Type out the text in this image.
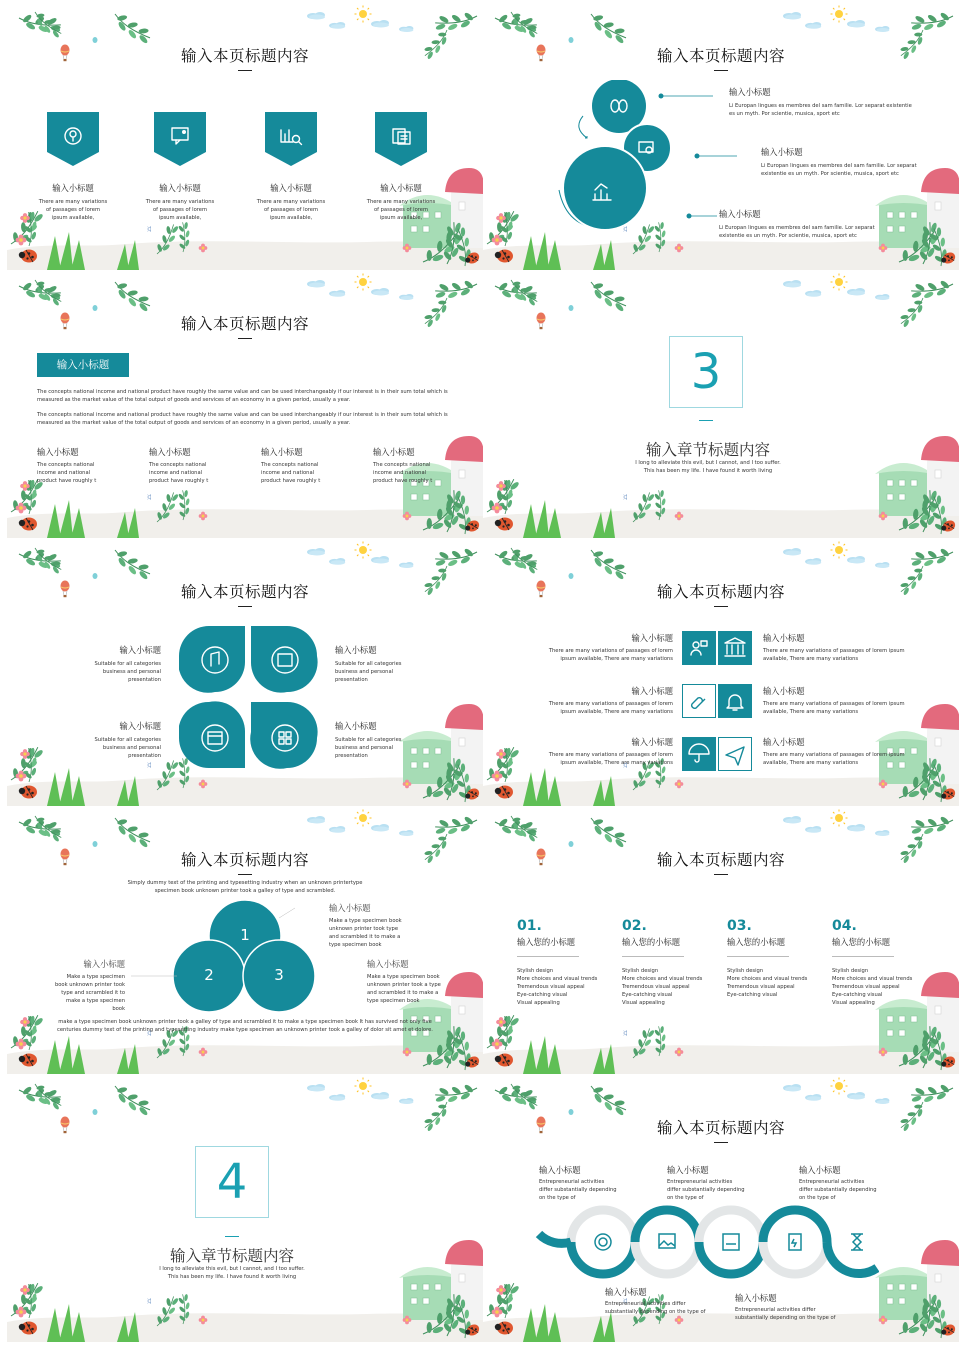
输入本页标题内容
输入小标题
There are many variations of passages of lorem ipsum available,
输入小标题
There are many variations of passages of lorem ipsum available,
输入小标题
There are many variations of passages of lorem ipsum available,
输入小标题
There are many variations of passages of lorem ipsum available,
输入本页标题内容
输入小标题
Li Europan lingues es membres del sam familie. Lor separat existentie es un myth. Por scientie, musica, sport etc
输入小标题
Li Europan lingues es membres del sam familie. Lor separat existentie es un myth. Por scientie, musica, sport etc
输入小标题
Li Europan lingues es membres del sam familie. Lor separat existentie es un myth. Por scientie, musica, sport etc
输入本页标题内容
输入小标题
The concepts national income and national product have roughly the same value and can be used interchangeably if our interest is in their sum total which is measured as the market value of the total output of goods and services of an economy in a given period, usually a year.
The concepts national income and national product have roughly the same value and can be used interchangeably if our interest is in their sum total which is measured as the market value of the total output of goods and services of an economy in a given period, usually a year.
输入小标题
The concepts national income and national product have roughly t
输入小标题
The concepts national income and national product have roughly t
输入小标题
The concepts national income and national product have roughly t
输入小标题
The concepts national income and national product have roughly t
3
输入章节标题内容
I long to alleviate this evil, but I cannot, and I too suffer. This has been my life. I have found it worth living
输入本页标题内容
输入小标题
Suitable for all categories business and personal presentation
输入小标题
Suitable for all categories business and personal presentation
输入小标题
Suitable for all categories business and personal presentation
输入小标题
Suitable for all categories business and personal presentation
输入本页标题内容
输入小标题
There are many variations of passages of lorem ipsum available, There are many variations
输入小标题
There are many variations of passages of lorem ipsum available, There are many variations
输入小标题
There are many variations of passages of lorem ipsum available, There are many variations
输入小标题
There are many variations of passages of lorem ipsum available, There are many variations
输入小标题
There are many variations of passages of lorem ipsum available, There are many variations
输入小标题
There are many variations of passages of lorem ipsum available, There are many variations
输入本页标题内容
Simply dummy text of the printing and typesetting industry when an unknown printertype specimen book unknown printer took a galley of type and scrambled.
1
2	3
输入小标题
Make a type specimen book unknown printer took type and scrambled it to make a type specimen book
输入小标题
Make a type specimen book unknown printer took type and scrambled it to make a type specimen book
输入小标题
Make a type specimen book unknown printer took a type and scrambled it to make a type specimen book
make a type specimen book unknown printer took a galley of type and scrambled it to make a type specimen book It has survived not only five centuries dummy text of the printing and typesetting industry make type specimen an unknown printer took a galley of dolor sit amet et dolore.
输入本页标题内容
01.
输入您的小标题
Stylish design
More choices and visual trends
Tremendous visual appeal
Eye-catching visual
Visual appealing
02.
输入您的小标题
Stylish design
More choices and visual trends
Tremendous visual appeal
Eye-catching visual
Visual appealing
03.
输入您的小标题
Stylish design
More choices and visual trends
Tremendous visual appeal
Eye-catching visual
04.
输入您的小标题
Stylish design
More choices and visual trends
Tremendous visual appeal
Eye-catching visual
Visual appealing
4
输入章节标题内容
I long to alleviate this evil, but I cannot, and I too suffer. This has been my life. I have found it worth living
输入本页标题内容
输入小标题
Entrepreneurial activities differ substantially depending on the type of
输入小标题
Entrepreneurial activities differ substantially depending on the type of
输入小标题
Entrepreneurial activities differ substantially depending on the type of
输入小标题
Entrepreneurial activities differ substantially depending on the type of
输入小标题
Entrepreneurial activities differ substantially depending on the type of
